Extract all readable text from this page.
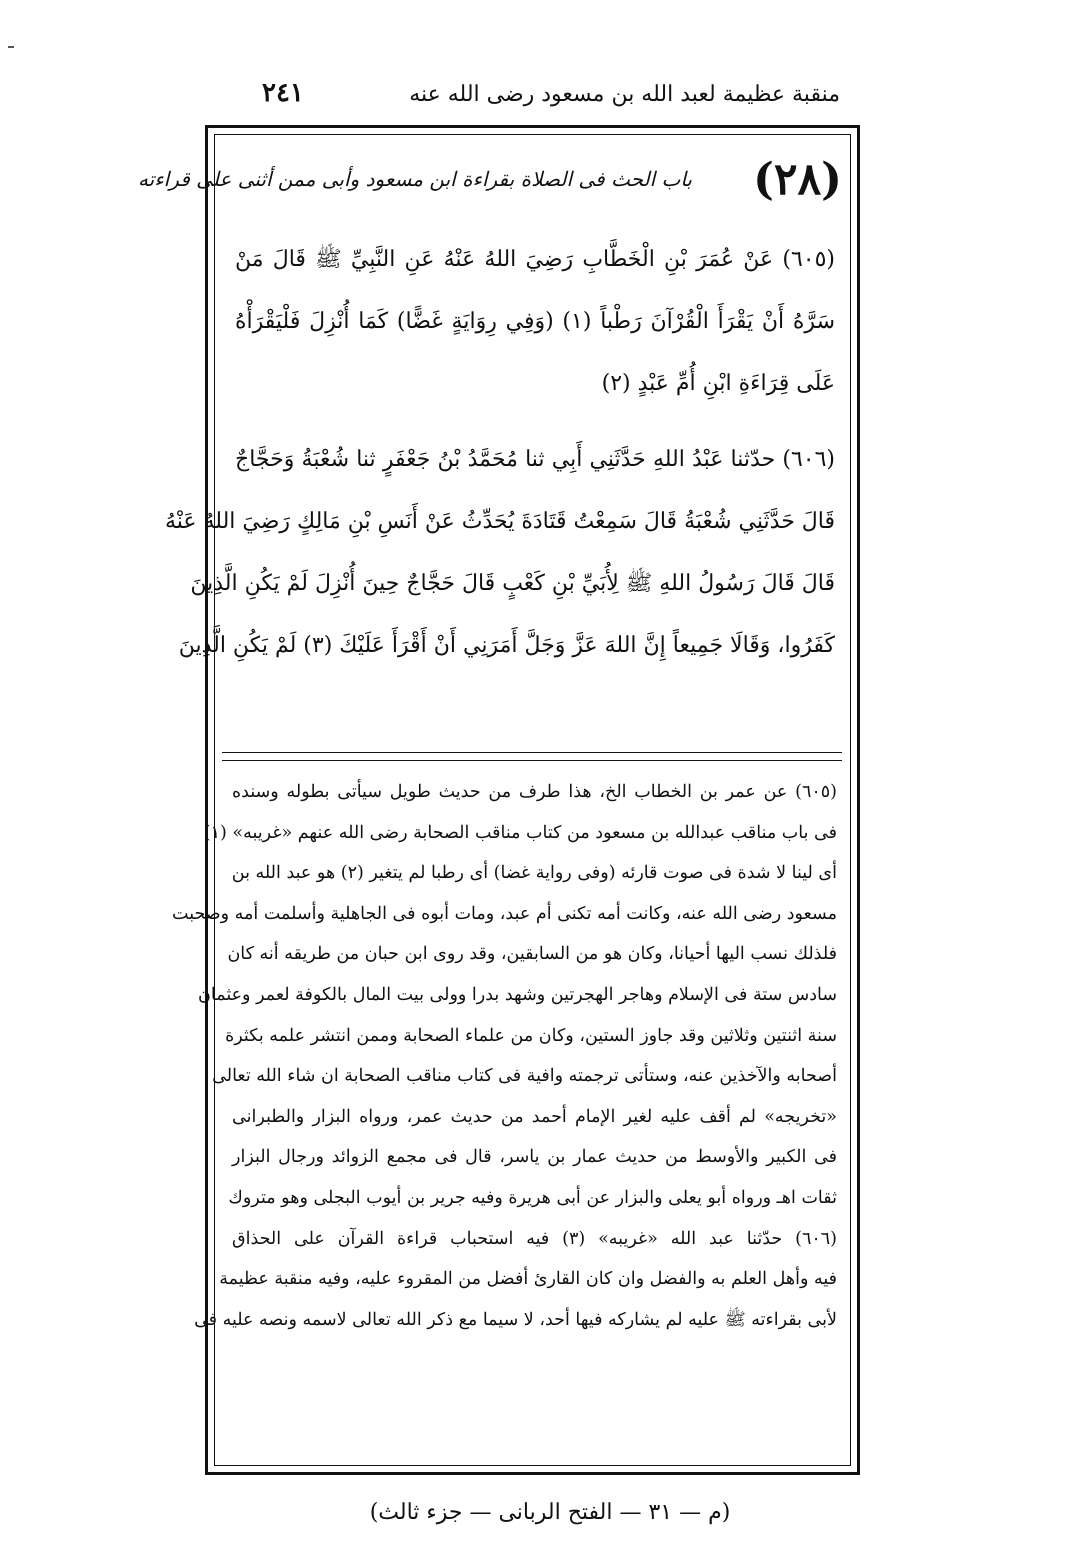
منقبة عظيمة لعبد الله بن مسعود رضى الله عنه
٢٤١
(٢٨)
باب الحث فى الصلاة بقراءة ابن مسعود وأبى ممن أثنى على قراءته
(٦٠٥) عَنْ عُمَرَ بْنِ الْخَطَّابِ رَضِيَ اللهُ عَنْهُ عَنِ النَّبِيِّ ﷺ قَالَ مَنْ
سَرَّهُ أَنْ يَقْرَأَ الْقُرْآنَ رَطْباً (١) (وَفِي رِوَايَةٍ غَضًّا) كَمَا أُنْزِلَ فَلْيَقْرَأْهُ
عَلَى قِرَاءَةِ ابْنِ أُمِّ عَبْدٍ (٢)
(٦٠٦) حدّثنا عَبْدُ اللهِ حَدَّثَنِي أَبِي ثنا مُحَمَّدُ بْنُ جَعْفَرٍ ثنا شُعْبَةُ وَحَجَّاجٌ
قَالَ حَدَّثَنِي شُعْبَةُ قَالَ سَمِعْتُ قَتَادَةَ يُحَدِّثُ عَنْ أَنَسِ بْنِ مَالِكٍ رَضِيَ اللهُ عَنْهُ
قَالَ قَالَ رَسُولُ اللهِ ﷺ لِأُبَيِّ بْنِ كَعْبٍ قَالَ حَجَّاجٌ حِينَ أُنْزِلَ لَمْ يَكُنِ الَّذِينَ
كَفَرُوا، وَقَالَا جَمِيعاً إِنَّ اللهَ عَزَّ وَجَلَّ أَمَرَنِي أَنْ أَقْرَأَ عَلَيْكَ (٣) لَمْ يَكُنِ الَّذِينَ
(٦٠٥) عن عمر بن الخطاب الخ، هذا طرف من حديث طويل سيأتى بطوله وسنده
فى باب مناقب عبدالله بن مسعود من كتاب مناقب الصحابة رضى الله عنهم «غريبه» (١)
أى لينا لا شدة فى صوت قارئه (وفى رواية غضا) أى رطبا لم يتغير (٢) هو عبد الله بن
مسعود رضى الله عنه، وكانت أمه تكنى أم عبد، ومات أبوه فى الجاهلية وأسلمت أمه وصحبت
فلذلك نسب اليها أحيانا، وكان هو من السابقين، وقد روى ابن حبان من طريقه أنه كان
سادس ستة فى الإسلام وهاجر الهجرتين وشهد بدرا وولى بيت المال بالكوفة لعمر وعثمان
سنة اثنتين وثلاثين وقد جاوز الستين، وكان من علماء الصحابة وممن انتشر علمه بكثرة
أصحابه والآخذين عنه، وستأتى ترجمته وافية فى كتاب مناقب الصحابة ان شاء الله تعالى
«تخريجه» لم أقف عليه لغير الإمام أحمد من حديث عمر، ورواه البزار والطبرانى
فى الكبير والأوسط من حديث عمار بن ياسر، قال فى مجمع الزوائد ورجال البزار
ثقات اهـ ورواه أبو يعلى والبزار عن أبى هريرة وفيه جرير بن أيوب البجلى وهو متروك
(٦٠٦) حدّثنا عبد الله «غريبه» (٣) فيه استحباب قراءة القرآن على الحذاق
فيه وأهل العلم به والفضل وان كان القارئ أفضل من المقروء عليه، وفيه منقبة عظيمة
لأبى بقراءته ﷺ عليه لم يشاركه فيها أحد، لا سيما مع ذكر الله تعالى لاسمه ونصه عليه فى
(م — ٣١ — الفتح الربانى — جزء ثالث)
